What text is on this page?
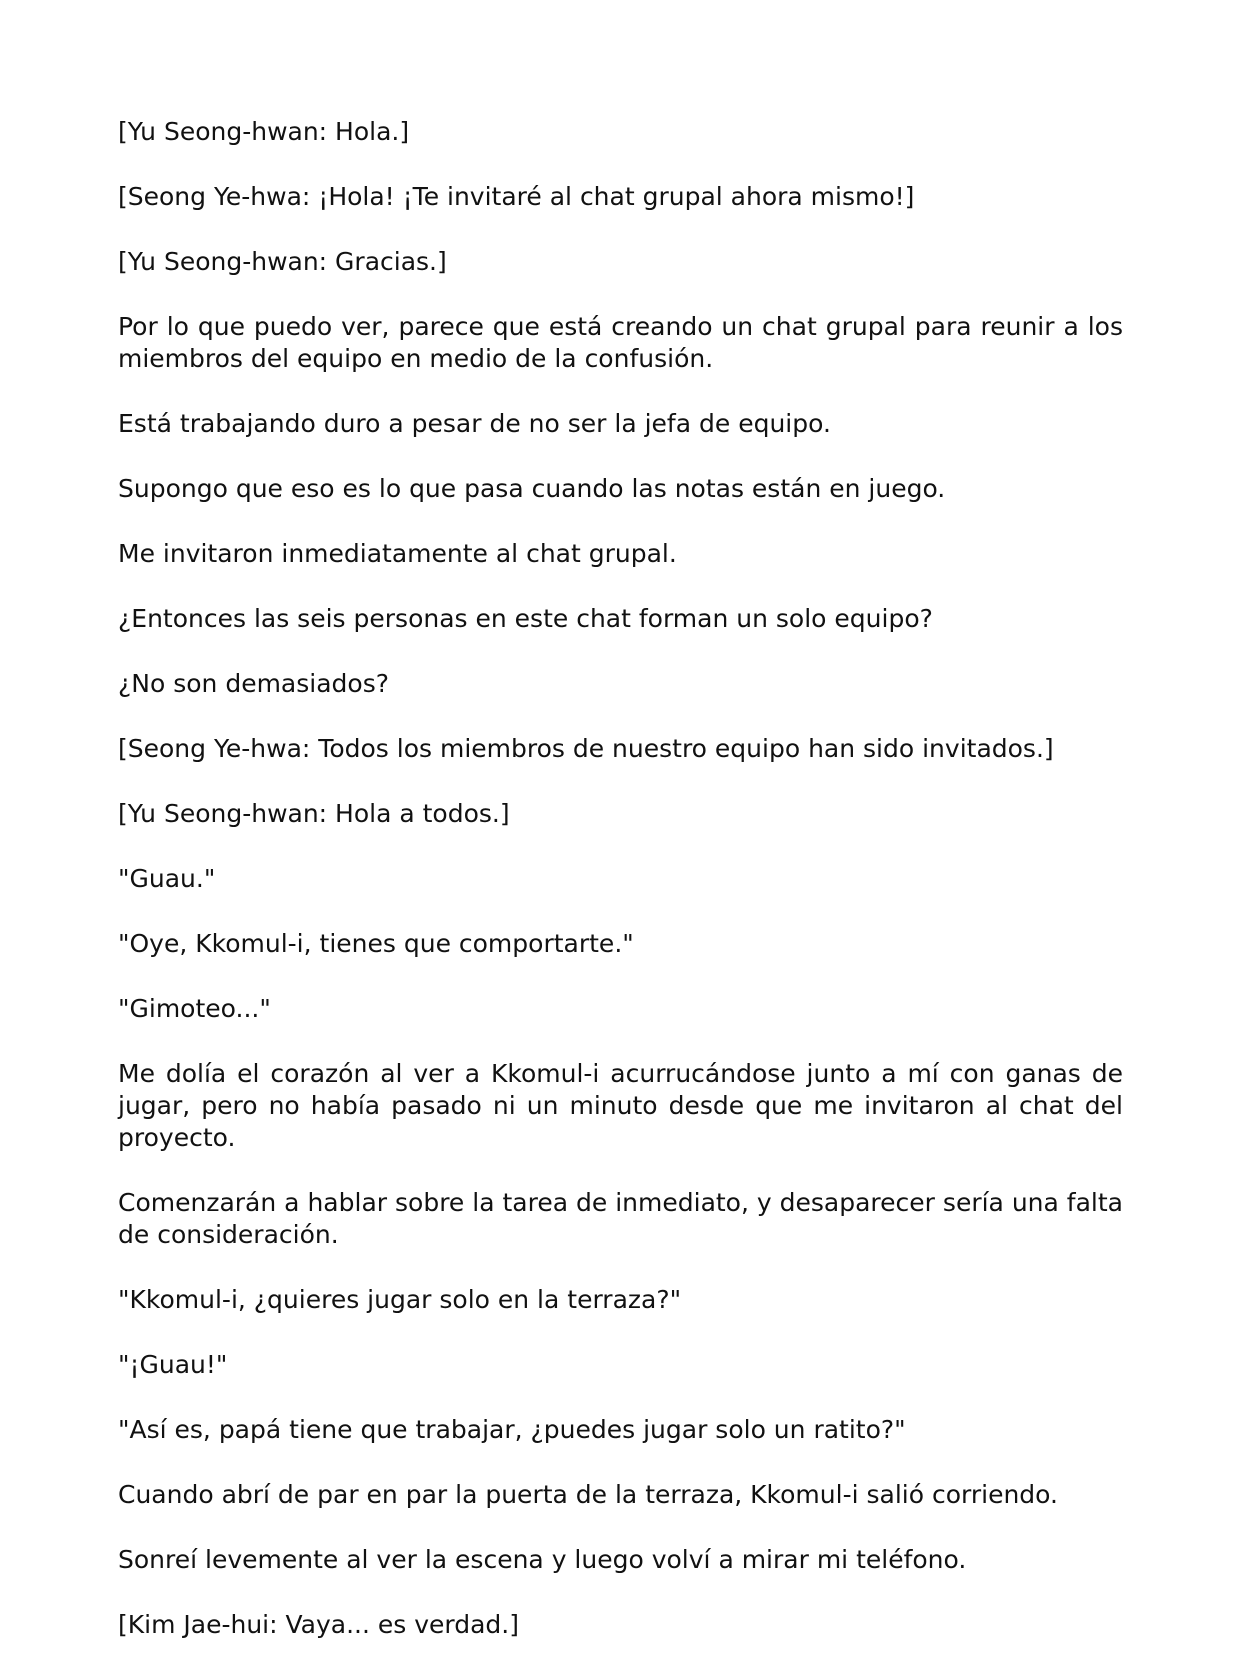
[Yu Seong-hwan: Hola.]

[Seong Ye-hwa: ¡Hola! ¡Te invitaré al chat grupal ahora mismo!]

[Yu Seong-hwan: Gracias.]

Por lo que puedo ver, parece que está creando un chat grupal para reunir a los miembros del equipo en medio de la confusión.

Está trabajando duro a pesar de no ser la jefa de equipo.

Supongo que eso es lo que pasa cuando las notas están en juego.

Me invitaron inmediatamente al chat grupal.

¿Entonces las seis personas en este chat forman un solo equipo?

¿No son demasiados?

[Seong Ye-hwa: Todos los miembros de nuestro equipo han sido invitados.]

[Yu Seong-hwan: Hola a todos.]

"Guau."

"Oye, Kkomul-i, tienes que comportarte."

"Gimoteo..."

Me dolía el corazón al ver a Kkomul-i acurrucándose junto a mí con ganas de jugar, pero no había pasado ni un minuto desde que me invitaron al chat del proyecto.

Comenzarán a hablar sobre la tarea de inmediato, y desaparecer sería una falta de consideración.

"Kkomul-i, ¿quieres jugar solo en la terraza?"

"¡Guau!"

"Así es, papá tiene que trabajar, ¿puedes jugar solo un ratito?"

Cuando abrí de par en par la puerta de la terraza, Kkomul-i salió corriendo.

Sonreí levemente al ver la escena y luego volví a mirar mi teléfono.

[Kim Jae-hui: Vaya... es verdad.]
